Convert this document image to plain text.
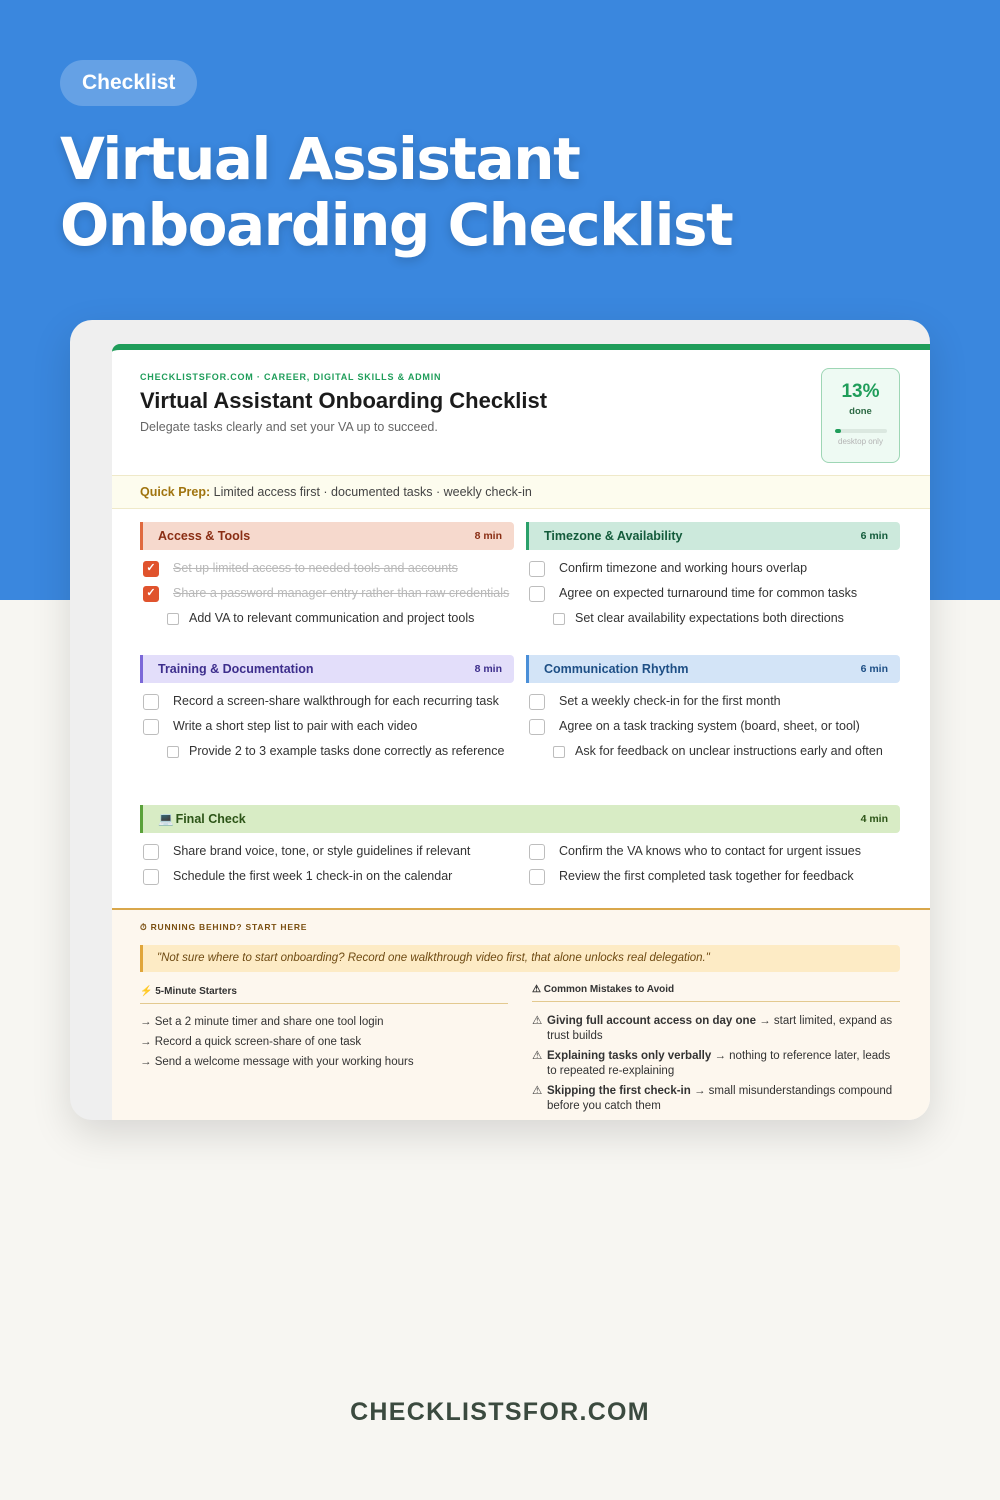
Checklist
Virtual Assistant Onboarding Checklist
CHECKLISTSFOR.COM · CAREER, DIGITAL SKILLS & ADMIN
Virtual Assistant Onboarding Checklist
Delegate tasks clearly and set your VA up to succeed.
13%
done
desktop only
Quick Prep: Limited access first · documented tasks · weekly check-in
Access & Tools	8 min
✓ Set up limited access to needed tools and accounts
✓ Share a password manager entry rather than raw credentials
Add VA to relevant communication and project tools
Timezone & Availability	6 min
Confirm timezone and working hours overlap
Agree on expected turnaround time for common tasks
Set clear availability expectations both directions
Training & Documentation	8 min
Record a screen-share walkthrough for each recurring task
Write a short step list to pair with each video
Provide 2 to 3 example tasks done correctly as reference
Communication Rhythm	6 min
Set a weekly check-in for the first month
Agree on a task tracking system (board, sheet, or tool)
Ask for feedback on unclear instructions early and often
💻 Final Check	4 min
Share brand voice, tone, or style guidelines if relevant	Confirm the VA knows who to contact for urgent issues
Schedule the first week 1 check-in on the calendar	Review the first completed task together for feedback
⏱ RUNNING BEHIND? START HERE
"Not sure where to start onboarding? Record one walkthrough video first, that alone unlocks real delegation."
⚡ 5-Minute Starters	⚠ Common Mistakes to Avoid
→ Set a 2 minute timer and share one tool login
→ Record a quick screen-share of one task
→ Send a welcome message with your working hours
⚠ Giving full account access on day one → start limited, expand as trust builds
⚠ Explaining tasks only verbally → nothing to reference later, leads to repeated re-explaining
⚠ Skipping the first check-in → small misunderstandings compound before you catch them
CHECKLISTSFOR.COM
